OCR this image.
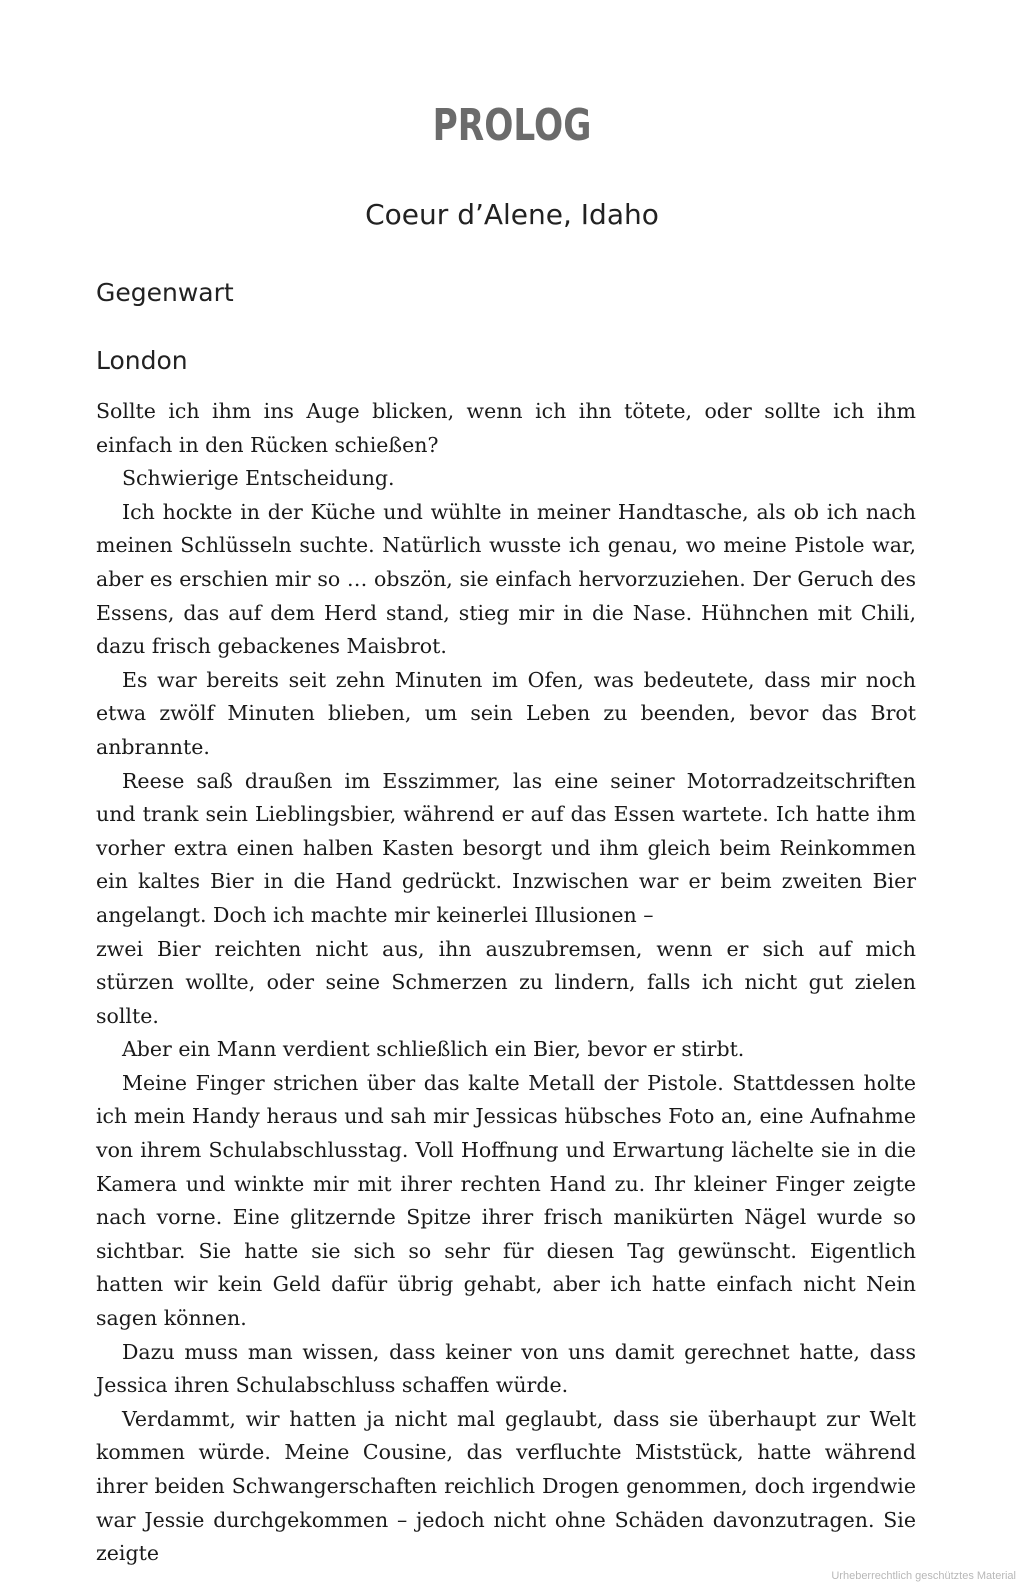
PROLOG
Coeur d’Alene, Idaho
Gegenwart
London

Sollte ich ihm ins Auge blicken, wenn ich ihn tötete, oder sollte ich ihm einfach in den Rücken schießen?

Schwierige Entscheidung.

Ich hockte in der Küche und wühlte in meiner Handtasche, als ob ich nach meinen Schlüsseln suchte. Natürlich wusste ich genau, wo meine Pistole war, aber es erschien mir so … obszön, sie einfach hervorzuziehen. Der Geruch des Essens, das auf dem Herd stand, stieg mir in die Nase. Hühnchen mit Chili, dazu frisch gebackenes Maisbrot.

Es war bereits seit zehn Minuten im Ofen, was bedeutete, dass mir noch etwa zwölf Minuten blieben, um sein Leben zu beenden, bevor das Brot anbrannte.

Reese saß draußen im Esszimmer, las eine seiner Motorradzeitschriften und trank sein Lieblingsbier, während er auf das Essen wartete. Ich hatte ihm vorher extra einen halben Kasten besorgt und ihm gleich beim Reinkommen ein kaltes Bier in die Hand gedrückt. Inzwischen war er beim zweiten Bier angelangt. Doch ich machte mir keinerlei Illusionen –

zwei Bier reichten nicht aus, ihn auszubremsen, wenn er sich auf mich stürzen wollte, oder seine Schmerzen zu lindern, falls ich nicht gut zielen sollte.

Aber ein Mann verdient schließlich ein Bier, bevor er stirbt.

Meine Finger strichen über das kalte Metall der Pistole. Stattdessen holte ich mein Handy heraus und sah mir Jessicas hübsches Foto an, eine Aufnahme von ihrem Schulabschlusstag. Voll Hoffnung und Erwartung lächelte sie in die Kamera und winkte mir mit ihrer rechten Hand zu. Ihr kleiner Finger zeigte nach vorne. Eine glitzernde Spitze ihrer frisch manikürten Nägel wurde so sichtbar. Sie hatte sie sich so sehr für diesen Tag gewünscht. Eigentlich hatten wir kein Geld dafür übrig gehabt, aber ich hatte einfach nicht Nein sagen können.

Dazu muss man wissen, dass keiner von uns damit gerechnet hatte, dass Jessica ihren Schulabschluss schaffen würde.

Verdammt, wir hatten ja nicht mal geglaubt, dass sie überhaupt zur Welt kommen würde. Meine Cousine, das verfluchte Miststück, hatte während ihrer beiden Schwangerschaften reichlich Drogen genommen, doch irgendwie war Jessie durchgekommen – jedoch nicht ohne Schäden davonzutragen. Sie zeigte

Urheberrechtlich geschütztes Material
